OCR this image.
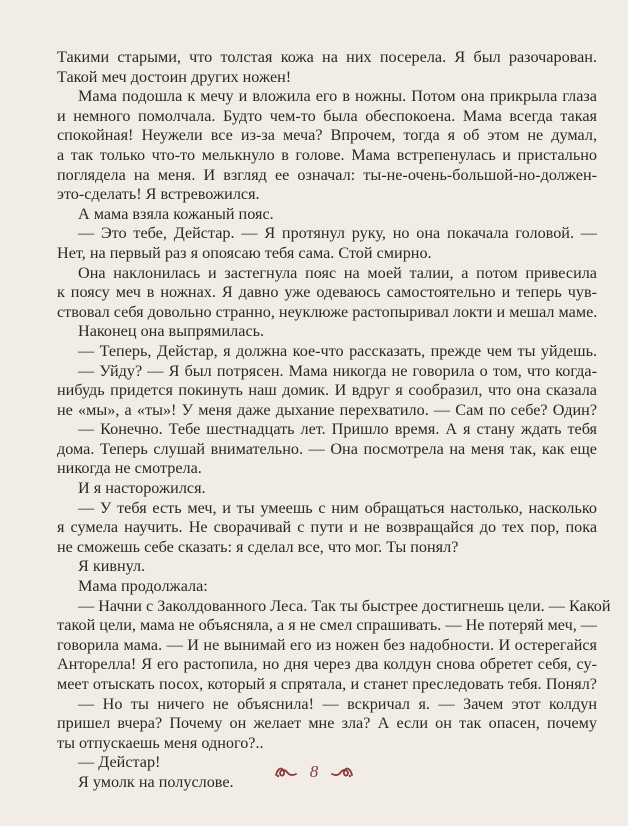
Такими старыми, что толстая кожа на них посерела. Я был разочарован.
Такой меч достоин других ножен!
Мама подошла к мечу и вложила его в ножны. Потом она прикрыла глаза
и немного помолчала. Будто чем-то была обеспокоена. Мама всегда такая
спокойная! Неужели все из-за меча? Впрочем, тогда я об этом не думал,
а так только что-то мелькнуло в голове. Мама встрепенулась и пристально
поглядела на меня. И взгляд ее означал: ты-не-очень-большой-но-должен-
это-сделать! Я встревожился.
А мама взяла кожаный пояс.
— Это тебе, Дейстар. — Я протянул руку, но она покачала головой. —
Нет, на первый раз я опоясаю тебя сама. Стой смирно.
Она наклонилась и застегнула пояс на моей талии, а потом привесила
к поясу меч в ножнах. Я давно уже одеваюсь самостоятельно и теперь чув-
ствовал себя довольно странно, неуклюже растопыривал локти и мешал маме.
Наконец она выпрямилась.
— Теперь, Дейстар, я должна кое-что рассказать, прежде чем ты уйдешь.
— Уйду? — Я был потрясен. Мама никогда не говорила о том, что когда-
нибудь придется покинуть наш домик. И вдруг я сообразил, что она сказала
не «мы», а «ты»! У меня даже дыхание перехватило. — Сам по себе? Один?
— Конечно. Тебе шестнадцать лет. Пришло время. А я стану ждать тебя
дома. Теперь слушай внимательно. — Она посмотрела на меня так, как еще
никогда не смотрела.
И я насторожился.
— У тебя есть меч, и ты умеешь с ним обращаться настолько, насколько
я сумела научить. Не сворачивай с пути и не возвращайся до тех пор, пока
не сможешь себе сказать: я сделал все, что мог. Ты понял?
Я кивнул.
Мама продолжала:
— Начни с Заколдованного Леса. Так ты быстрее достигнешь цели. — Какой
такой цели, мама не объясняла, а я не смел спрашивать. — Не потеряй меч, —
говорила мама. — И не вынимай его из ножен без надобности. И остерегайся
Анторелла! Я его растопила, но дня через два колдун снова обретет себя, су-
меет отыскать посох, который я спрятала, и станет преследовать тебя. Понял?
— Но ты ничего не объяснила! — вскричал я. — Зачем этот колдун
пришел вчера? Почему он желает мне зла? А если он так опасен, почему
ты отпускаешь меня одного?..
— Дейстар!
Я умолк на полуслове.
8
